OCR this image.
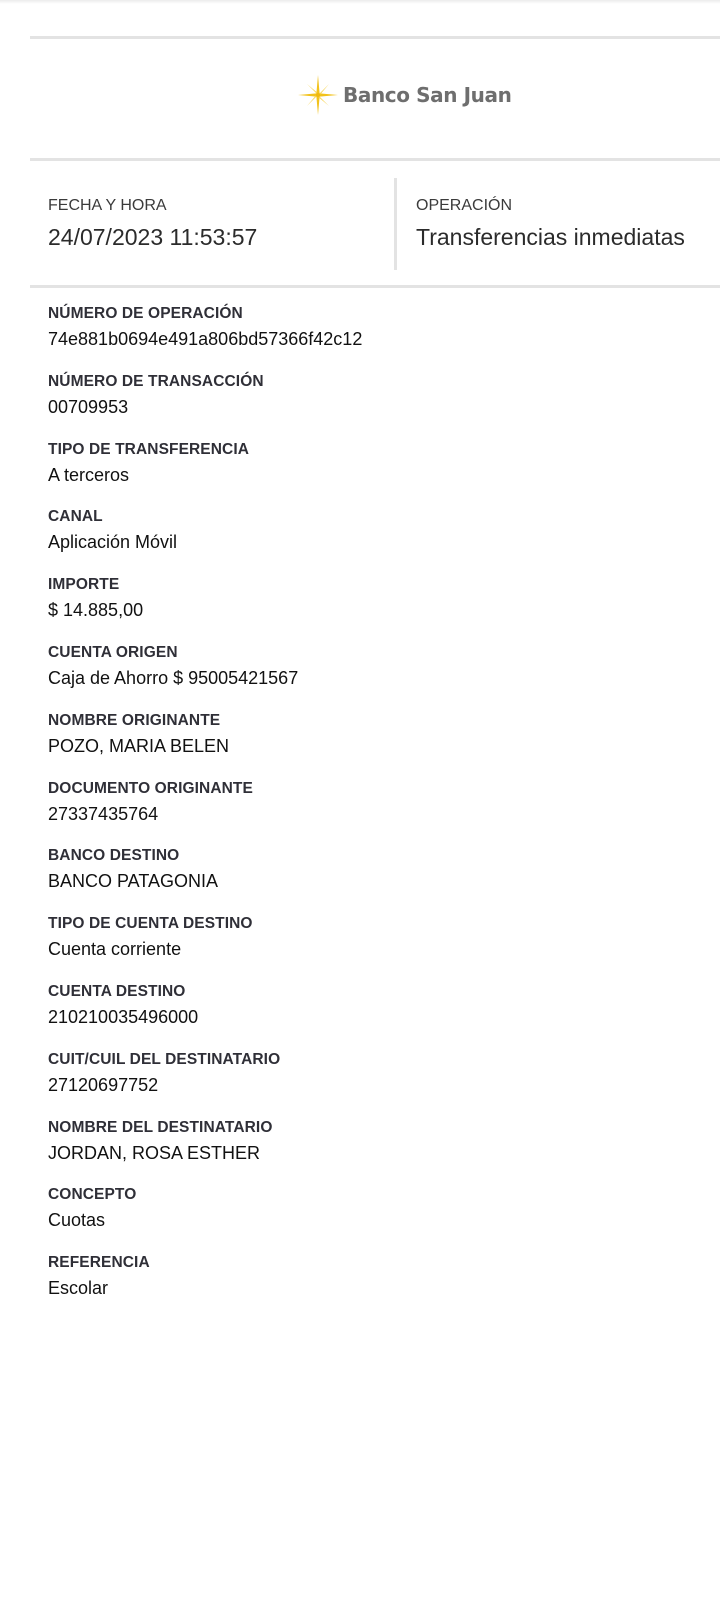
Banco San Juan
FECHA Y HORA
24/07/2023 11:53:57
OPERACIÓN
Transferencias inmediatas
NÚMERO DE OPERACIÓN
74e881b0694e491a806bd57366f42c12
NÚMERO DE TRANSACCIÓN
00709953
TIPO DE TRANSFERENCIA
A terceros
CANAL
Aplicación Móvil
IMPORTE
$ 14.885,00
CUENTA ORIGEN
Caja de Ahorro $ 95005421567
NOMBRE ORIGINANTE
POZO, MARIA BELEN
DOCUMENTO ORIGINANTE
27337435764
BANCO DESTINO
BANCO PATAGONIA
TIPO DE CUENTA DESTINO
Cuenta corriente
CUENTA DESTINO
210210035496000
CUIT/CUIL DEL DESTINATARIO
27120697752
NOMBRE DEL DESTINATARIO
JORDAN, ROSA ESTHER
CONCEPTO
Cuotas
REFERENCIA
Escolar
